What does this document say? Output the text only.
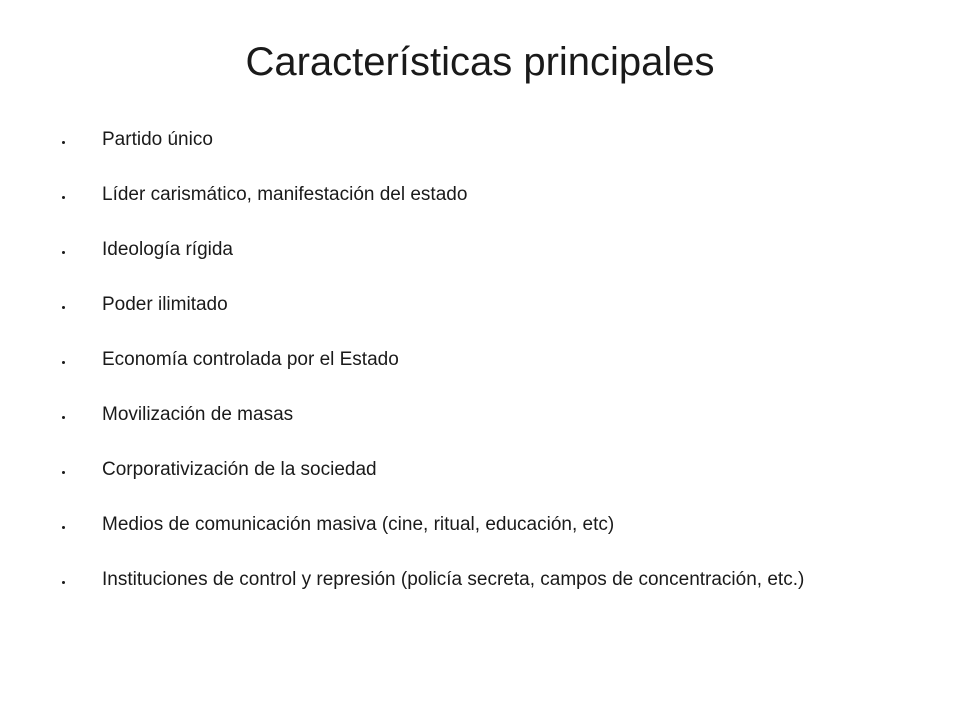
Características principales
Partido único
Líder carismático, manifestación del estado
Ideología rígida
Poder ilimitado
Economía controlada por el Estado
Movilización de masas
Corporativización de la sociedad
Medios de comunicación masiva (cine, ritual, educación, etc)
Instituciones de control y represión (policía secreta, campos de concentración, etc.)
